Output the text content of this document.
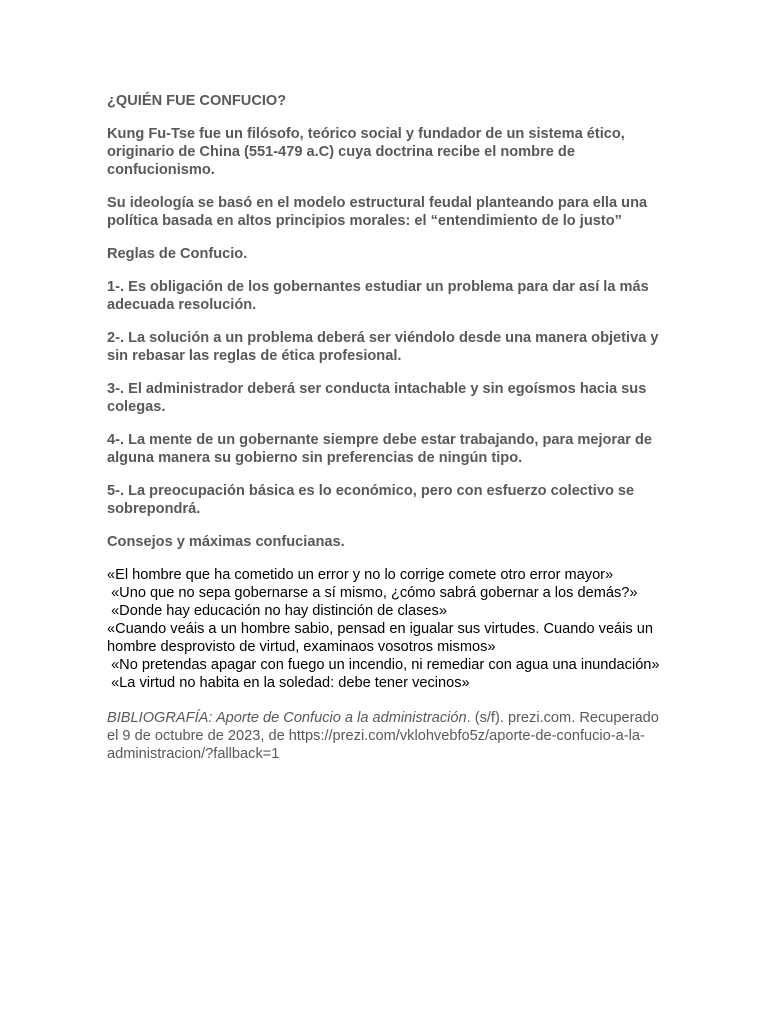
¿QUIÉN FUE CONFUCIO?

Kung Fu-Tse fue un filósofo, teórico social y fundador de un sistema ético, originario de China (551-479 a.C) cuya doctrina recibe el nombre de confucionismo.

Su ideología se basó en el modelo estructural feudal planteando para ella una política basada en altos principios morales: el “entendimiento de lo justo”

Reglas de Confucio.

1-. Es obligación de los gobernantes estudiar un problema para dar así la más adecuada resolución.

2-. La solución a un problema deberá ser viéndolo desde una manera objetiva y sin rebasar las reglas de ética profesional.

3-. El administrador deberá ser conducta intachable y sin egoísmos hacia sus colegas.

4-. La mente de un gobernante siempre debe estar trabajando, para mejorar de alguna manera su gobierno sin preferencias de ningún tipo.

5-. La preocupación básica es lo económico, pero con esfuerzo colectivo se sobrepondrá.

Consejos y máximas confucianas.

«El hombre que ha cometido un error y no lo corrige comete otro error mayor»
«Uno que no sepa gobernarse a sí mismo, ¿cómo sabrá gobernar a los demás?»
«Donde hay educación no hay distinción de clases»
«Cuando veáis a un hombre sabio, pensad en igualar sus virtudes. Cuando veáis un hombre desprovisto de virtud, examinaos vosotros mismos»
«No pretendas apagar con fuego un incendio, ni remediar con agua una inundación»
«La virtud no habita en la soledad: debe tener vecinos»

BIBLIOGRAFÍA: Aporte de Confucio a la administración. (s/f). prezi.com. Recuperado el 9 de octubre de 2023, de https://prezi.com/vklohvebfo5z/aporte-de-confucio-a-la-administracion/?fallback=1
